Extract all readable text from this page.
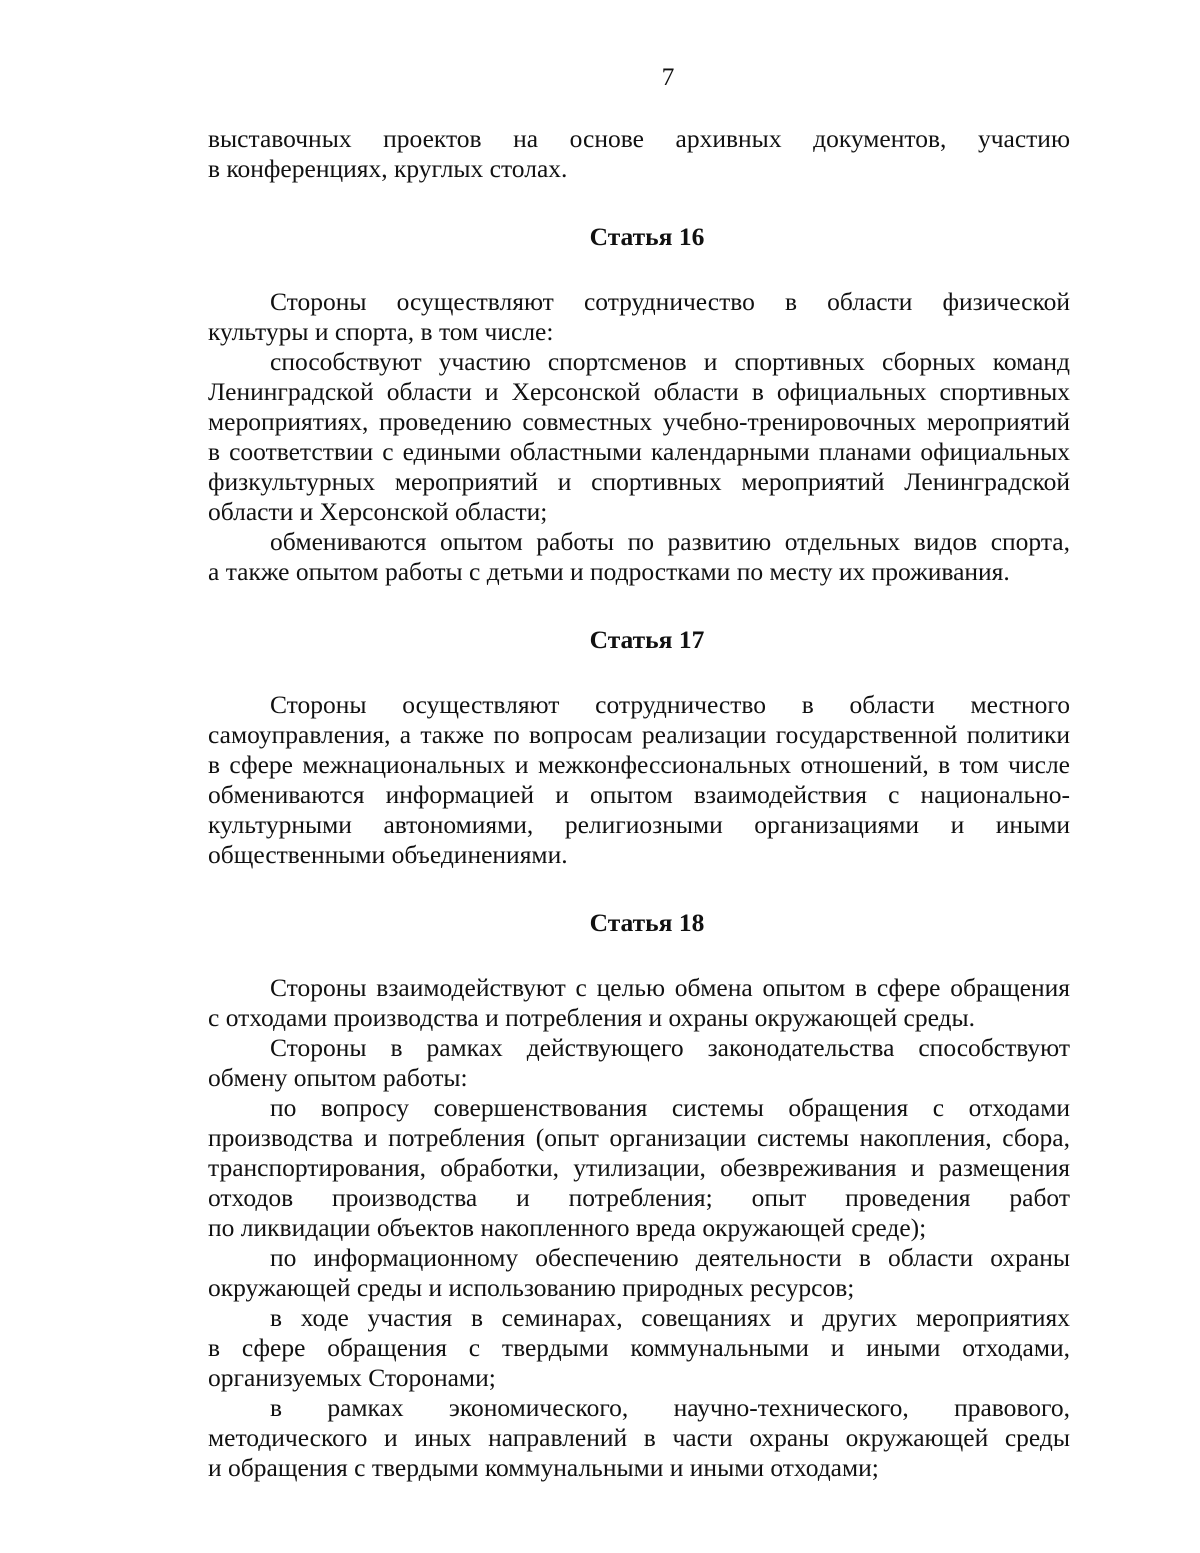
7
выставочных проектов на основе архивных документов, участию
в конференциях, круглых столах.
Статья 16
Стороны осуществляют сотрудничество в области физической
культуры и спорта, в том числе:
способствуют участию спортсменов и спортивных сборных команд
Ленинградской области и Херсонской области в официальных спортивных
мероприятиях, проведению совместных учебно-тренировочных мероприятий
в соответствии с едиными областными календарными планами официальных
физкультурных мероприятий и спортивных мероприятий Ленинградской
области и Херсонской области;
обмениваются опытом работы по развитию отдельных видов спорта,
а также опытом работы с детьми и подростками по месту их проживания.
Статья 17
Стороны осуществляют сотрудничество в области местного
самоуправления, а также по вопросам реализации государственной политики
в сфере межнациональных и межконфессиональных отношений, в том числе
обмениваются информацией и опытом взаимодействия с национально-
культурными автономиями, религиозными организациями и иными
общественными объединениями.
Статья 18
Стороны взаимодействуют с целью обмена опытом в сфере обращения
с отходами производства и потребления и охраны окружающей среды.
Стороны в рамках действующего законодательства способствуют
обмену опытом работы:
по вопросу совершенствования системы обращения с отходами
производства и потребления (опыт организации системы накопления, сбора,
транспортирования, обработки, утилизации, обезвреживания и размещения
отходов производства и потребления; опыт проведения работ
по ликвидации объектов накопленного вреда окружающей среде);
по информационному обеспечению деятельности в области охраны
окружающей среды и использованию природных ресурсов;
в ходе участия в семинарах, совещаниях и других мероприятиях
в сфере обращения с твердыми коммунальными и иными отходами,
организуемых Сторонами;
в рамках экономического, научно-технического, правового,
методического и иных направлений в части охраны окружающей среды
и обращения с твердыми коммунальными и иными отходами;
